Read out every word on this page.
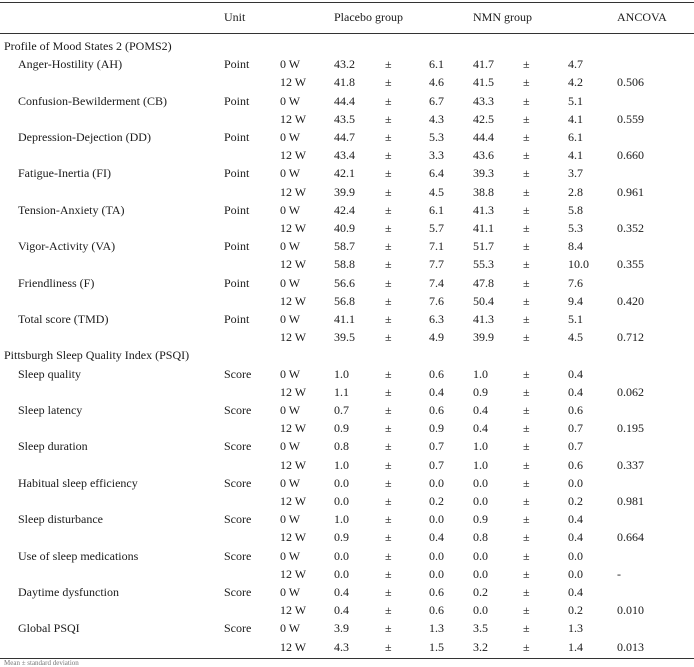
Unit	Placebo group	NMN group	ANCOVA
Profile of Mood States 2 (POMS2)
Anger-Hostility (AH)	Point	0 W	43.2	±	6.1 41.7 ±	4.7
12 W 41.8	±	4.6 41.5 ±	4.2	0.506
Confusion-Bewilderment (CB)	Point	0 W	44.4	±	6.7 43.3 ±	5.1
12 W 43.5	±	4.3 42.5 ±	4.1	0.559
Depression-Dejection (DD)	Point	0 W	44.7	±	5.3 44.4 ±	6.1
12 W 43.4	±	3.3 43.6 ±	4.1	0.660
Fatigue-Inertia (FI)	Point	0 W	42.1	±	6.4 39.3 ±	3.7
12 W 39.9	±	4.5 38.8 ±	2.8	0.961
Tension-Anxiety (TA)	Point	0 W	42.4	±	6.1 41.3 ±	5.8
12 W 40.9	±	5.7 41.1 ±	5.3	0.352
Vigor-Activity (VA)	Point	0 W	58.7	±	7.1 51.7 ±	8.4
12 W 58.8	±	7.7 55.3 ±	10.0 0.355
Friendliness (F)	Point	0 W	56.6	±	7.4 47.8 ±	7.6
12 W 56.8	±	7.6 50.4 ±	9.4	0.420
Total score (TMD)	Point	0 W	41.1	±	6.3 41.3 ±	5.1
12 W 39.5	±	4.9 39.9 ±	4.5	0.712
Pittsburgh Sleep Quality Index (PSQI)
Sleep quality	Score 0 W	1.0	±	0.6 1.0	±	0.4
12 W 1.1	±	0.4 0.9	±	0.4	0.062
Sleep latency	Score 0 W	0.7	±	0.6 0.4	±	0.6
12 W 0.9	±	0.9 0.4	±	0.7	0.195
Sleep duration	Score 0 W	0.8	±	0.7 1.0	±	0.7
12 W 1.0	±	0.7 1.0	±	0.6	0.337
Habitual sleep efficiency	Score 0 W	0.0	±	0.0 0.0	±	0.0
12 W 0.0	±	0.2 0.0	±	0.2	0.981
Sleep disturbance	Score 0 W	1.0	±	0.0 0.9	±	0.4
12 W 0.9	±	0.4 0.8	±	0.4	0.664
Use of sleep medications	Score 0 W	0.0	±	0.0 0.0	±	0.0
12 W 0.0	±	0.0 0.0	±	0.0	-
Daytime dysfunction	Score 0 W	0.4	±	0.6 0.2	±	0.4
12 W 0.4	±	0.6 0.0	±	0.2	0.010
Global PSQI	Score 0 W	3.9	±	1.3 3.5	±	1.3
12 W 4.3	±	1.5 3.2	±	1.4	0.013
Mean ± standard deviation
